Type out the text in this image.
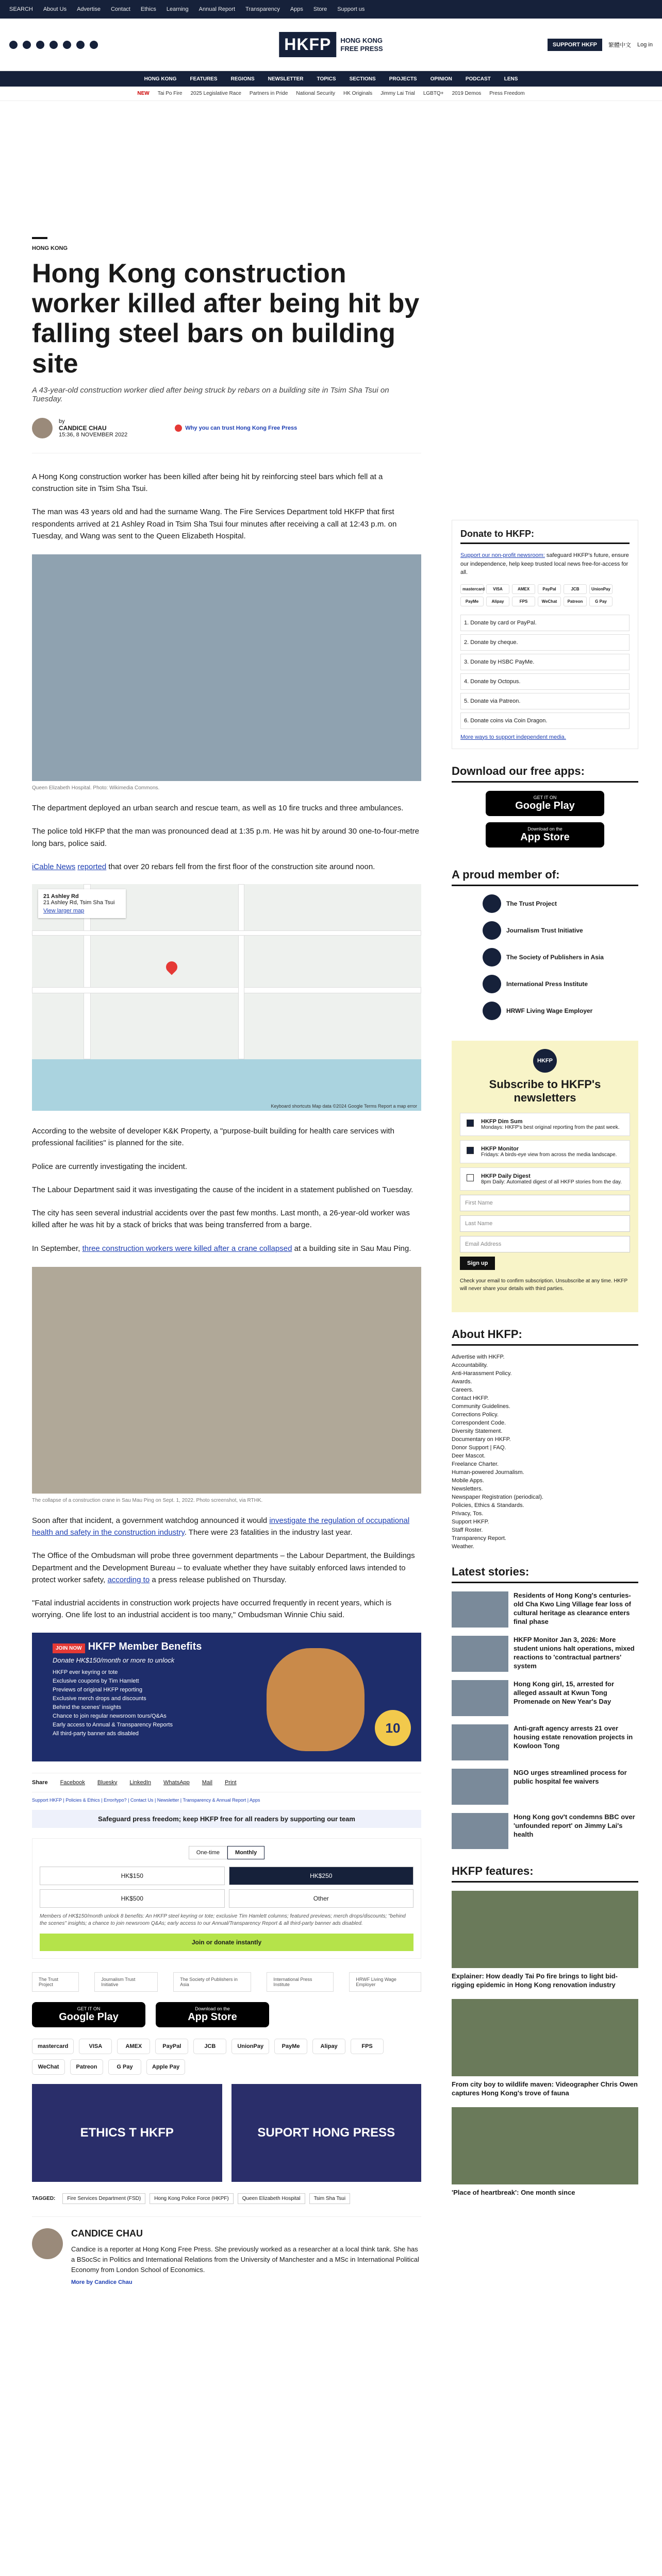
SEARCH About Us Advertise Contact Ethics Learning Annual Report Transparency Apps Store Support us
HKFP	HONG KONG
FREE PRESS	SUPPORT HKFP	繁體中文 Log in
HONG KONG	FEATURES	REGIONS	NEWSLETTER	TOPICS	SECTIONS	PROJECTS	OPINION	PODCAST	LENS
NEW Tai Po Fire 2025 Legislative Race Partners in Pride National Security HK Originals Jimmy Lai Trial LGBTQ+ 2019 Demos Press Freedom
HONG KONG
Hong Kong construction worker killed after being hit by falling steel bars on building site
A 43-year-old construction worker died after being struck by rebars on a building site in Tsim Sha Tsui on Tuesday.
by
CANDICE CHAU
15:36, 8 NOVEMBER 2022
Why you can trust Hong Kong Free Press

A Hong Kong construction worker has been killed after being hit by reinforcing steel bars which fell at a construction site in Tsim Sha Tsui.

The man was 43 years old and had the surname Wang. The Fire Services Department told HKFP that first respondents arrived at 21 Ashley Road in Tsim Sha Tsui four minutes after receiving a call at 12:43 p.m. on Tuesday, and Wang was sent to the Queen Elizabeth Hospital.

Queen Elizabeth Hospital. Photo: Wikimedia Commons.

The department deployed an urban search and rescue team, as well as 10 fire trucks and three ambulances.

The police told HKFP that the man was pronounced dead at 1:35 p.m. He was hit by around 30 one-to-four-metre long bars, police said.

iCable News reported that over 20 rebars fell from the first floor of the construction site around noon.

21 Ashley Rd
21 Ashley Rd, Tsim Sha Tsui
View larger map
Keyboard shortcuts Map data ©2024 Google Terms Report a map error

According to the website of developer K&K Property, a "purpose-built building for health care services with professional facilities" is planned for the site.

Police are currently investigating the incident.

The Labour Department said it was investigating the cause of the incident in a statement published on Tuesday.

The city has seen several industrial accidents over the past few months. Last month, a 26-year-old worker was killed after he was hit by a stack of bricks that was being transferred from a barge.

In September, three construction workers were killed after a crane collapsed at a building site in Sau Mau Ping.

The collapse of a construction crane in Sau Mau Ping on Sept. 1, 2022. Photo screenshot, via RTHK.

Soon after that incident, a government watchdog announced it would investigate the regulation of occupational health and safety in the construction industry. There were 23 fatalities in the industry last year.

The Office of the Ombudsman will probe three government departments – the Labour Department, the Buildings Department and the Development Bureau – to evaluate whether they have suitably enforced laws intended to protect worker safety, according to a press release published on Thursday.

"Fatal industrial accidents in construction work projects have occurred frequently in recent years, which is worrying. One life lost to an industrial accident is too many," Ombudsman Winnie Chiu said.

JOIN NOW HKFP Member Benefits
Donate HK$150/month or more to unlock
HKFP ever keyring or tote
Exclusive coupons by Tim Hamlett
Previews of original HKFP reporting
Exclusive merch drops and discounts
Behind the scenes' insights
Chance to join regular newsroom tours/Q&As
Early access to Annual & Transparency Reports
All third-party banner ads disabled	10
Share Facebook Bluesky LinkedIn WhatsApp Mail Print
Support HKFP | Policies & Ethics | Error/typo? | Contact Us | Newsletter | Transparency & Annual Report | Apps
Safeguard press freedom; keep HKFP free for all readers by supporting our team
One-time	Monthly
HK$150	HK$250
HK$500	Other
Members of HK$150/month unlock 8 benefits: An HKFP steel keyring or tote; exclusive Tim Hamlett columns; featured previews; merch drops/discounts; "behind the scenes" insights; a chance to join newsroom Q&As; early access to our Annual/Transparency Report & all third-party banner ads disabled.
Join or donate instantly
The Trust Project
Journalism Trust Initiative
The Society of Publishers in Asia
International Press Institute
HRWF Living Wage Employer
GET IT ON
Google Play
Download on the
App Store
mastercard	VISA	AMEX	PayPal	JCB	UnionPay	PayMe	Alipay	FPS
WeChat	Patreon	G Pay	Apple Pay
ETHICS T HKFP	SUPORT HONG PRESS
TAGGED:	Fire Services Department (FSD)	Hong Kong Police Force (HKPF)	Queen Elizabeth Hospital	Tsim Sha Tsui
CANDICE CHAU

Candice is a reporter at Hong Kong Free Press. She previously worked as a researcher at a local think tank. She has a BSocSc in Politics and International Relations from the University of Manchester and a MSc in International Political Economy from London School of Economics.

More by Candice Chau
Donate to HKFP:

Support our non-profit newsroom: safeguard HKFP's future, ensure our independence, help keep trusted local news free-for-access for all.

mastercard	VISA	AMEX	PayPal	JCB	UnionPay
PayMe	Alipay	FPS	WeChat	Patreon	G Pay
1. Donate by card or PayPal.
2. Donate by cheque.
3. Donate by HSBC PayMe.
4. Donate by Octopus.
5. Donate via Patreon.
6. Donate coins via Coin Dragon.
More ways to support independent media.
Download our free apps:
GET IT ON
Google Play
Download on the
App Store
A proud member of:
The Trust Project
Journalism Trust Initiative
The Society of Publishers in Asia
International Press Institute
HRWF Living Wage Employer
HKFP
Subscribe to HKFP's newsletters
HKFP Dim Sum
Mondays: HKFP's best original reporting from the past week.
HKFP Monitor
Fridays: A birds-eye view from across the media landscape.
HKFP Daily Digest
8pm Daily: Automated digest of all HKFP stories from the day.
First Name
Last Name
Email Address
Sign up

Check your email to confirm subscription. Unsubscribe at any time. HKFP will never share your details with third parties.

About HKFP:
Advertise with HKFP.
Accountability.
Anti-Harassment Policy.
Awards.
Careers.
Contact HKFP.
Community Guidelines.
Corrections Policy.
Correspondent Code.
Diversity Statement.
Documentary on HKFP.
Donor Support | FAQ.
Deer Mascot.
Freelance Charter.
Human-powered Journalism.
Mobile Apps.
Newsletters.
Newspaper Registration (periodical).
Policies, Ethics & Standards.
Privacy, Tos.
Support HKFP.
Staff Roster.
Transparency Report.
Weather.
Latest stories:
Residents of Hong Kong's centuries-old Cha Kwo Ling Village fear loss of cultural heritage as clearance enters final phase
HKFP Monitor Jan 3, 2026: More student unions halt operations, mixed reactions to 'contractual partners' system
Hong Kong girl, 15, arrested for alleged assault at Kwun Tong Promenade on New Year's Day
Anti-graft agency arrests 21 over housing estate renovation projects in Kowloon Tong
NGO urges streamlined process for public hospital fee waivers
Hong Kong gov't condemns BBC over 'unfounded report' on Jimmy Lai's health
HKFP features:
Explainer: How deadly Tai Po fire brings to light bid-rigging epidemic in Hong Kong renovation industry
From city boy to wildlife maven: Videographer Chris Owen captures Hong Kong's trove of fauna
'Place of heartbreak': One month since
